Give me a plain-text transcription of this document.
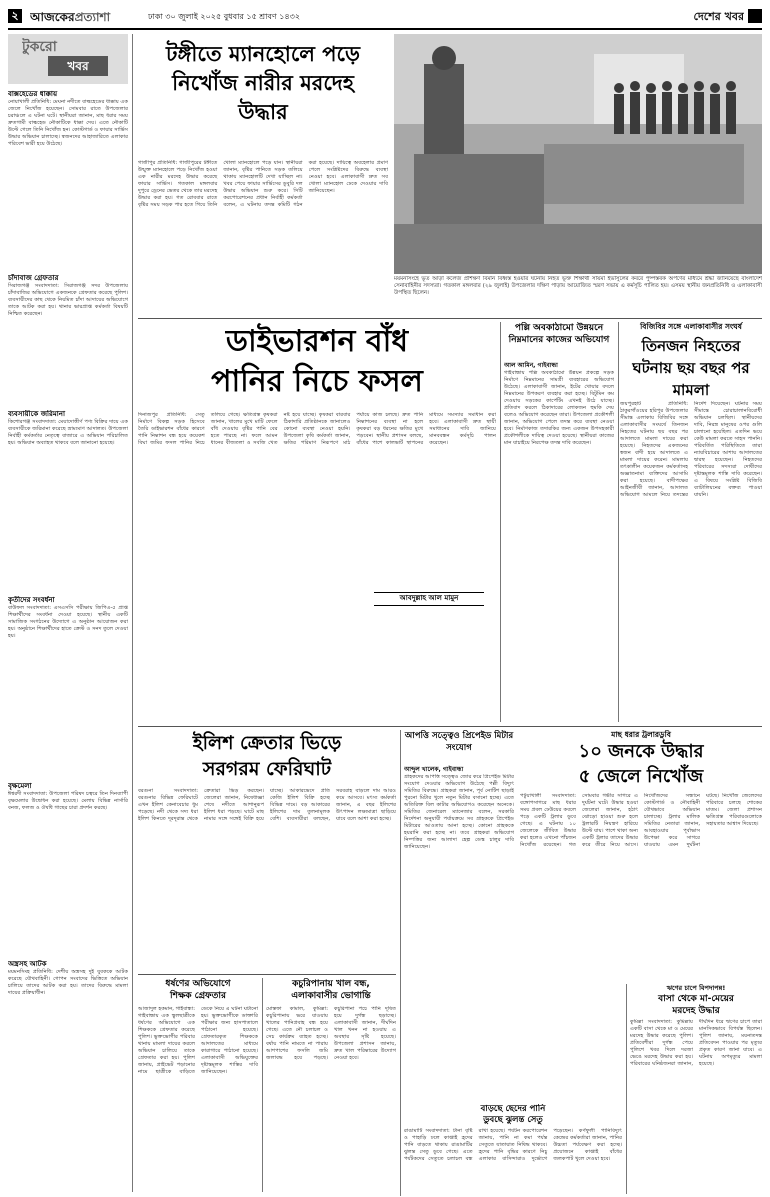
২ আজকেরপ্রত্যাশা	ঢাকা ৩০ জুলাই ২০২৫ বুধবার ১৫ শ্রাবণ ১৪৩২	দেশের খবর
টুকরো
খবর
বাক্সহেডের ধাক্কায়
নোয়াখালী প্রতিনিধি: মেঘনা নদীতে বাল্কহেডের ধাক্কায় এক জেলে নিখোঁজ হয়েছেন। সোমবার রাতে উপজেলার চরাঞ্চলে এ ঘটনা ঘটে। স্থানীয়রা জানান, মাছ ধরার সময় দ্রুতগামী বাল্কহেড নৌকাটিকে ধাক্কা দেয়। এতে নৌকাটি উল্টে গেলে তিনি নিখোঁজ হন। কোস্টগার্ড ও ফায়ার সার্ভিস উদ্ধার অভিযান চালাচ্ছে। স্বজনদের আহাজারিতে এলাকার পরিবেশ ভারী হয়ে উঠেছে।
চাঁদাবাজ গ্রেফতার
সিরাজগঞ্জ সংবাদদাতা: সিরাজগঞ্জ সদর উপজেলায় চাঁদাবাজির অভিযোগে একজনকে গ্রেফতার করেছে পুলিশ। ব্যবসায়ীদের কাছ থেকে নিয়মিত চাঁদা আদায়ের অভিযোগে তাকে আটক করা হয়। থানার ভারপ্রাপ্ত কর্মকর্তা বিষয়টি নিশ্চিত করেছেন।
ব্যবসায়ীকে জরিমানা
কিশোরগঞ্জ সংবাদদাতা: মেয়াদোত্তীর্ণ পণ্য বিক্রির দায়ে এক ব্যবসায়ীকে জরিমানা করেছে ভ্রাম্যমাণ আদালত। উপজেলা নির্বাহী কর্মকর্তার নেতৃত্বে বাজারে এ অভিযান পরিচালিত হয়। অভিযান অব্যাহত থাকবে বলে জানানো হয়েছে।
কৃতীদের সংবর্ধনা
বাউফল সংবাদদাতা: এসএসসি পরীক্ষায় জিপিএ-৫ প্রাপ্ত শিক্ষার্থীদের সংবর্ধনা দেওয়া হয়েছে। স্থানীয় একটি সামাজিক সংগঠনের উদ্যোগে এ অনুষ্ঠান আয়োজন করা হয়। অনুষ্ঠানে শিক্ষার্থীদের হাতে ক্রেস্ট ও সনদ তুলে দেওয়া হয়।
বৃক্ষমেলা
ঈশ্বরদী সংবাদদাতা: উপজেলা পরিষদ চত্বরে তিন দিনব্যাপী বৃক্ষমেলার উদ্বোধন করা হয়েছে। মেলায় বিভিন্ন নার্সারি বনজ, ফলজ ও ঔষধি গাছের চারা প্রদর্শন করছে।
অস্ত্রসহ আটক
ময়মনসিংহ প্রতিনিধি: দেশীয় অস্ত্রসহ দুই যুবককে আটক করেছে যৌথবাহিনী। গোপন সংবাদের ভিত্তিতে অভিযান চালিয়ে তাদের আটক করা হয়। তাদের বিরুদ্ধে মামলা দায়ের প্রক্রিয়াধীন।
টঙ্গীতে ম্যানহোলে পড়ে নিখোঁজ নারীর মরদেহ উদ্ধার
গাজীপুর প্রতিনিধি: গাজীপুরের টঙ্গীতে উন্মুক্ত ম্যানহোলে পড়ে নিখোঁজ হওয়া এক নারীর মরদেহ উদ্ধার করেছে ফায়ার সার্ভিস। গতকাল মঙ্গলবার দুপুরে ড্রেনের ভেতর থেকে তার মরদেহ উদ্ধার করা হয়। গত রোববার রাতে বৃষ্টির সময় সড়ক পার হতে গিয়ে তিনি খোলা ম্যানহোলে পড়ে যান। স্থানীয়রা জানান, বৃষ্টির পানিতে সড়ক তলিয়ে থাকায় ম্যানহোলটি দেখা যাচ্ছিল না। খবর পেয়ে ফায়ার সার্ভিসের ডুবুরি দল উদ্ধার অভিযান শুরু করে। সিটি করপোরেশনের প্রধান নির্বাহী কর্মকর্তা বলেন, এ ঘটনায় তদন্ত কমিটি গঠন করা হয়েছে। দায়িত্বে অবহেলার প্রমাণ পেলে সংশ্লিষ্টদের বিরুদ্ধে ব্যবস্থা নেওয়া হবে। এলাকাবাসী দ্রুত সব খোলা ম্যানহোল ঢেকে দেওয়ার দাবি জানিয়েছেন।
ময়মনসিংহে ভূত আড়া কলেজ প্রশিক্ষণ বিমান বিধ্বস্ত হওয়ার ঘটনায় নিহত ভূক্ত শিক্ষার্থী সায়মা ইভাসুলের কবরে পুষ্পস্তবক অর্পণের মাধ্যমে শ্রদ্ধা জানিয়েছে বাংলাদেশ সেনাবাহিনীর সদস্যরা। গতকাল মঙ্গলবার (২৯ জুলাই) উপজেলার দক্ষিণ পাড়ায় আয়োজিত স্মরণ সভায় এ কর্মসূচি পালিত হয়। এসময় স্থানীয় জনপ্রতিনিধি ও এলাকাবাসী উপস্থিত ছিলেন।
ডাইভারশন বাঁধ
পানির নিচে ফসল
আবদুল্লাহ আল মামুন
দিনাজপুর প্রতিনিধি: সেতু নির্মাণে বিকল্প সড়ক হিসেবে তৈরি ডাইভারশন বাঁধের কারণে পানি নিষ্কাশন বন্ধ হয়ে কয়েকশ বিঘা জমির ফসল পানির নিচে তলিয়ে গেছে। ক্ষতিগ্রস্ত কৃষকরা জানান, খালের মুখে মাটি ফেলে বাঁধ দেওয়ায় বৃষ্টির পানি বের হতে পারছে না। ফলে আমন ধানের বীজতলা ও সবজি খেত নষ্ট হয়ে যাচ্ছে। কৃষকরা বারবার ঠিকাদারি প্রতিষ্ঠানকে জানালেও কোনো ব্যবস্থা নেওয়া হয়নি। উপজেলা কৃষি কর্মকর্তা জানান, ক্ষতির পরিমাণ নিরূপণে মাঠ পর্যায়ে কাজ চলছে। দ্রুত পানি নিষ্কাশনের ব্যবস্থা না হলে কৃষকরা বড় ধরনের ক্ষতির মুখে পড়বেন। স্থানীয় প্রশাসন বলছে, বাঁধের পাশে কালভার্ট স্থাপনের মাধ্যমে সমস্যার সমাধান করা হবে। এলাকাবাসী দ্রুত স্থায়ী সমাধানের দাবি জানিয়ে মানববন্ধন কর্মসূচি পালন করেছেন।
পল্লি অবকাঠামো উন্নয়নে নিম্নমানের কাজের অভিযোগ
আল আমিন, গাইবান্ধা
গাইবান্ধায় পল্লি অবকাঠামো উন্নয়ন প্রকল্পে সড়ক নির্মাণে নিম্নমানের সামগ্রী ব্যবহারের অভিযোগ উঠেছে। এলাকাবাসী জানান, ইটের খোয়ার বদলে নিম্নমানের উপকরণ ব্যবহার করা হচ্ছে। বিটুমিন কম দেওয়ায় সড়কের কার্পেটিং এখনই উঠে যাচ্ছে। প্রতিবাদ করলে ঠিকাদারের লোকজন হুমকি দেয় বলেও অভিযোগ করেছেন তারা। উপজেলা প্রকৌশলী জানান, অভিযোগ পেলে তদন্ত করে ব্যবস্থা নেওয়া হবে। নির্মাণকাজ তদারকির জন্য একজন উপসহকারী প্রকৌশলীকে দায়িত্ব দেওয়া হয়েছে। স্থানীয়রা কাজের মান যাচাইয়ে নিরপেক্ষ তদন্ত দাবি করেছেন।
বিজিবির সঙ্গে এলাকাবাসীর সংঘর্ষ
তিনজন নিহতের ঘটনায় ছয় বছর পর মামলা
জয়পুরহাট প্রতিনিধি: ঠাকুরগাঁওয়ের হরিপুর উপজেলার সীমান্ত এলাকায় বিজিবির সঙ্গে এলাকাবাসীর সংঘর্ষে তিনজন নিহতের ঘটনায় ছয় বছর পর আদালতে মামলা দায়ের করা হয়েছে। নিহতদের একজনের স্বজন বাদী হয়ে আদালতে এ মামলা দায়ের করেন। মামলায় তৎকালীন কয়েকজন কর্মকর্তাসহ অজ্ঞাতনামা ব্যক্তিদের আসামি করা হয়েছে। বাদীপক্ষের আইনজীবী জানান, আদালত অভিযোগ আমলে নিয়ে তদন্তের নির্দেশ দিয়েছেন। ঘটনার সময় সীমান্তে চোরাচালানবিরোধী অভিযান চলছিল। স্থানীয়দের দাবি, নিরস্ত্র মানুষের ওপর গুলি চালানো হয়েছিল। এতদিন ভয়ে কেউ মামলা করতে সাহস পাননি। পরিবর্তিত পরিস্থিতিতে তারা ন্যায়বিচারের আশায় আদালতের দ্বারস্থ হয়েছেন। নিহতদের পরিবারের সদস্যরা দোষীদের দৃষ্টান্তমূলক শাস্তি দাবি করেছেন। এ বিষয়ে সংশ্লিষ্ট বিজিবি ব্যাটালিয়নের বক্তব্য পাওয়া যায়নি।
ইলিশ ক্রেতার ভিড়ে
সরগরম ফেরিঘাট
বরগুনা সংবাদদাতা: বরগুনার বিভিন্ন ফেরিঘাটে এখন ইলিশ কেনাবেচার ধুম পড়েছে। নদী থেকে সদ্য ধরা ইলিশ কিনতে দূরদূরান্ত থেকে ক্রেতারা ভিড় করছেন। জেলেরা জানান, নিষেধাজ্ঞা শেষে নদীতে আশানুরূপ ইলিশ ধরা পড়ছে। ঘাটে মাছ নামার সঙ্গে সঙ্গেই বিক্রি হয়ে যাচ্ছে। আকারভেদে প্রতি কেজি ইলিশ বিক্রি হচ্ছে বিভিন্ন দামে। বড় আকারের ইলিশের দাম তুলনামূলক বেশি। ব্যবসায়ীরা বলছেন, সরবরাহ বাড়লে দাম আরও কমে আসবে। মৎস্য কর্মকর্তা জানান, এ বছর ইলিশের উৎপাদন লক্ষ্যমাত্রা ছাড়িয়ে যাবে বলে আশা করা হচ্ছে।
আপত্তি সত্ত্বেও প্রিপেইড মিটার সংযোগ
আব্দুল খালেক, গাইবান্ধা
গ্রাহকদের আপত্তি সত্ত্বেও জোর করে প্রিপেইড মিটার সংযোগ দেওয়ার অভিযোগ উঠেছে পল্লী বিদ্যুৎ সমিতির বিরুদ্ধে। গ্রাহকরা জানান, পূর্ব নোটিশ ছাড়াই পুরনো মিটার খুলে নতুন মিটার বসানো হচ্ছে। এতে অতিরিক্ত বিল কাটার অভিযোগও করেছেন অনেকে। সমিতির জেনারেল ম্যানেজার বলেন, সরকারি নির্দেশনা অনুযায়ী পর্যায়ক্রমে সব গ্রাহককে প্রিপেইড মিটারের আওতায় আনা হচ্ছে। কোনো গ্রাহককে হয়রানি করা হচ্ছে না। তবে গ্রাহকরা অভিযোগ নিষ্পত্তির জন্য আলাদা হেল্প ডেস্ক চালুর দাবি জানিয়েছেন।
মাছ ধরার ট্রলারডুবি
১০ জনকে উদ্ধার
৫ জেলে নিখোঁজ
পটুয়াখালী সংবাদদাতা: বঙ্গোপসাগরে মাছ ধরার সময় প্রবল ঢেউয়ের কবলে পড়ে একটি ট্রলার ডুবে গেছে। এ ঘটনায় ১০ জেলেকে জীবিত উদ্ধার করা হলেও এখনো পাঁচজন নিখোঁজ রয়েছেন। গত সোমবার গভীর সাগরে এ দুর্ঘটনা ঘটে। উদ্ধার হওয়া জেলেরা জানান, হঠাৎ ঝোড়ো হাওয়া শুরু হলে ট্রলারটি নিয়ন্ত্রণ হারিয়ে উল্টে যায়। পাশে থাকা অন্য একটি ট্রলার তাদের উদ্ধার করে তীরে নিয়ে আসে। নিখোঁজদের সন্ধানে কোস্টগার্ড ও নৌবাহিনী যৌথভাবে অভিযান চালাচ্ছে। ট্রলার মালিক সমিতির নেতারা জানান, আবহাওয়ার পূর্বাভাস উপেক্ষা করে সাগরে যাওয়ায় এমন দুর্ঘটনা ঘটছে। নিখোঁজ জেলেদের পরিবারে চলছে শোকের মাতম। জেলা প্রশাসন ক্ষতিগ্রস্ত পরিবারগুলোকে সহায়তার আশ্বাস দিয়েছে।
ধর্ষণের অভিযোগে
শিক্ষক গ্রেফতার
আজাদুল হকমান, গাইবান্ধা: গাইবান্ধায় এক স্কুলছাত্রীকে ধর্ষণের অভিযোগে এক শিক্ষককে গ্রেফতার করেছে পুলিশ। ভুক্তভোগীর পরিবার থানায় মামলা দায়ের করলে অভিযান চালিয়ে তাকে গ্রেফতার করা হয়। পুলিশ জানায়, প্রাইভেট পড়ানোর নামে ছাত্রীকে বাড়িতে ডেকে নিয়ে এ ঘটনা ঘটানো হয়। ভুক্তভোগীকে ডাক্তারি পরীক্ষার জন্য হাসপাতালে পাঠানো হয়েছে। গ্রেফতারকৃত শিক্ষককে আদালতের মাধ্যমে কারাগারে পাঠানো হয়েছে। এলাকাবাসী অভিযুক্তের দৃষ্টান্তমূলক শাস্তির দাবি জানিয়েছেন।
কচুরিপানায় খাল বন্ধ,
এলাকাবাসীর ভোগান্তি
মোস্তফা কামাল, কুমিল্লা: কচুরিপানায় ভরে যাওয়ায় খালের পানিপ্রবাহ বন্ধ হয়ে গেছে। এতে নৌ চলাচল ও সেচ কার্যক্রম ব্যাহত হচ্ছে। বর্ষায় পানি নামতে না পারায় আশপাশের ফসলি জমি জলাবদ্ধ হয়ে পড়ছে। কচুরিপানা পচে পানি দূষিত হয়ে দুর্গন্ধ ছড়াচ্ছে। এলাকাবাসী জানান, দীর্ঘদিন খাল খনন না হওয়ায় এ অবস্থার সৃষ্টি হয়েছে। উপজেলা প্রশাসন জানায়, দ্রুত খাল পরিষ্কারের উদ্যোগ নেওয়া হবে।
বাড়ছে ছেদের পানি
ডুবছে ঝুলন্ত সেতু
রাঙামাটি সংবাদদাতা: টানা বৃষ্টি ও পাহাড়ি ঢলে কাপ্তাই হ্রদের পানি বাড়তে থাকায় রাঙামাটির ঝুলন্ত সেতু ডুবে গেছে। এতে পর্যটকদের সেতুতে চলাচল বন্ধ রাখা হয়েছে। পর্যটন করপোরেশন জানায়, পানি না কমা পর্যন্ত সেতুতে যাতায়াত নিষিদ্ধ থাকবে। হ্রদের পানি বৃদ্ধির কারণে নিচু এলাকার বাসিন্দারাও দুর্ভোগে পড়েছেন। কর্ণফুলী পানিবিদ্যুৎ কেন্দ্রের কর্মকর্তারা জানান, পানির উচ্চতা পর্যবেক্ষণ করা হচ্ছে। প্রয়োজনে কাপ্তাই বাঁধের জলকপাট খুলে দেওয়া হবে।
ঋণের চাপে বিপদাপন্ন!
বাসা থেকে মা-মেয়ের
মরদেহ উদ্ধার
কুমিল্লা সংবাদদাতা: কুমিল্লায় একটি বাসা থেকে মা ও মেয়ের মরদেহ উদ্ধার করেছে পুলিশ। প্রতিবেশীরা দুর্গন্ধ পেয়ে পুলিশে খবর দিলে দরজা ভেঙে মরদেহ উদ্ধার করা হয়। পরিবারের ঘনিষ্ঠজনরা জানান, দীর্ঘদিন ধরে ঋণের চাপে তারা মানসিকভাবে বিপর্যস্ত ছিলেন। পুলিশ জানায়, ময়নাতদন্ত প্রতিবেদন পাওয়ার পর মৃত্যুর প্রকৃত কারণ জানা যাবে। এ ঘটনায় অপমৃত্যুর মামলা হয়েছে।
